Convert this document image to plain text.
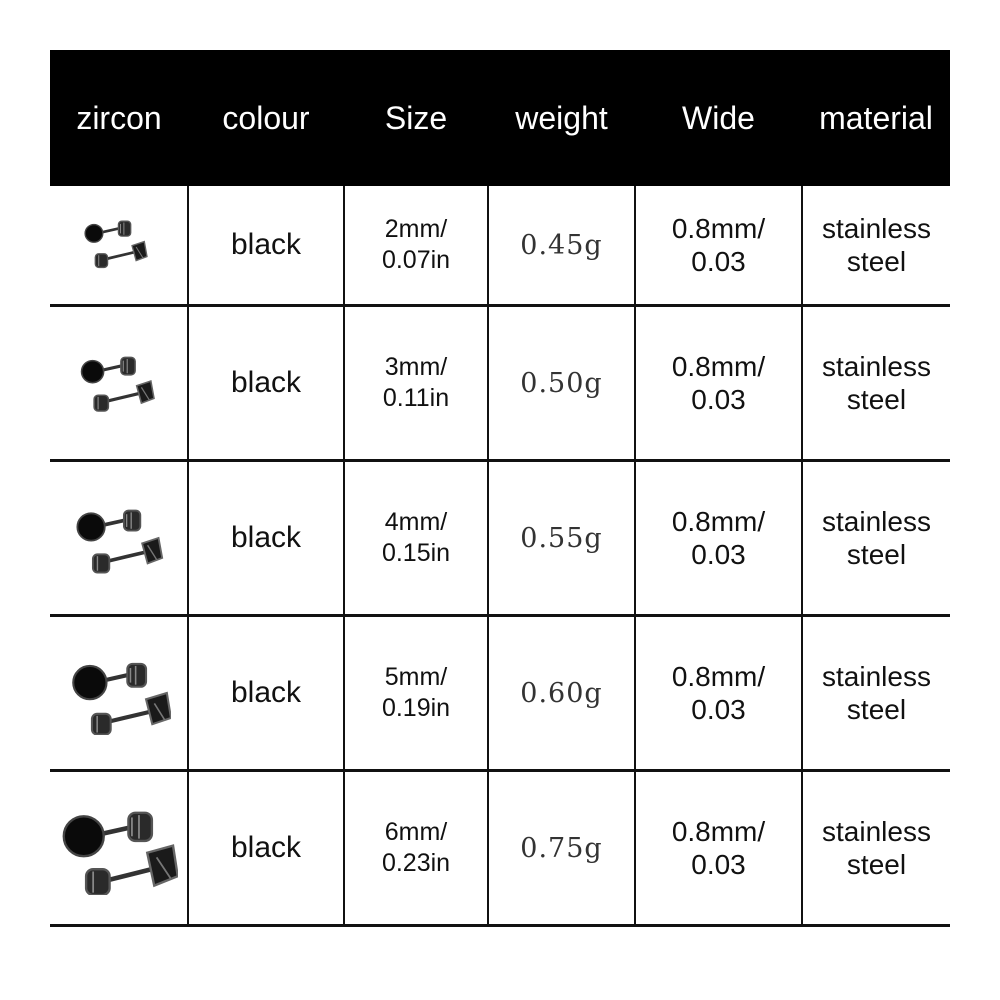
zircon	colour	Size	weight	Wide	material

	black	2mm/
0.07in	0.45g	0.8mm/
0.03	stainless
steel

	black	3mm/
0.11in	0.50g	0.8mm/
0.03	stainless
steel

	black	4mm/
0.15in	0.55g	0.8mm/
0.03	stainless
steel

	black	5mm/
0.19in	0.60g	0.8mm/
0.03	stainless
steel

	black	6mm/
0.23in	0.75g	0.8mm/
0.03	stainless
steel
